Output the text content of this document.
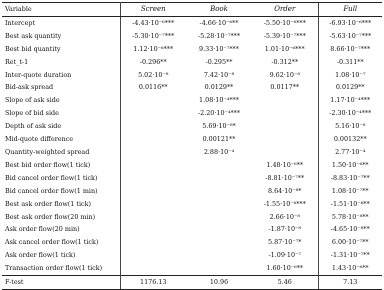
Variable	Screen	Book	Order	Full
Intercept	-4.43·10⁻⁶***	-4.66·10⁻⁶**	-5.50·10⁻⁶***	-6.93·10⁻⁶***
Best ask quantity	-5.30·10⁻⁷***	-5.28·10⁻⁷***	-5.39·10⁻⁷***	-5.63·10⁻⁷***
Best bid quantity	1.12·10⁻⁶***	9.33·10⁻⁷***	1.01·10⁻⁶***	8.66·10⁻⁷***
Ret_t-1	-0.296**	-0.295**	-0.312**	-0.311**
Inter-quote duration	5.02·10⁻⁸	7.42·10⁻⁸	9.62·10⁻⁸	1.08·10⁻⁷
Bid-ask spread	0.0116**	0.0129**	0.0117**	0.0129**
Slope of ask side		1.08·10⁻⁴***		1.17·10⁻⁴***
Slope of bid side		-2.20·10⁻⁴***		-2.30·10⁻⁴***
Depth of ask side		5.69·10⁻⁸*		5.16·10⁻⁸
Mid-quote difference		0.00121**		0.00132**
Quantity-weighted spread		2.88·10⁻⁴		2.77·10⁻⁴
Best bid order flow(1 tick)			1.48·10⁻⁶**	1.50·10⁻⁶**
Bid cancel order flow(1 tick)			-8.81·10⁻⁷**	-8.83·10⁻⁷**
Bid cancel order flow(1 min)			8.64·10⁻⁸*	1.08·10⁻⁷**
Best ask order flow(1 tick)			-1.55·10⁻⁶***	-1.51·10⁻⁶**
Best ask order flow(20 min)			2.66·10⁻⁸	5.78·10⁻⁸**
Ask order flow(20 min)			-1.87·10⁻⁸	-4.65·10⁻⁸**
Ask cancel order flow(1 tick)			5.87·10⁻⁷*	6.00·10⁻⁷**
Ask order flow(1 tick)			-1.09·10⁻⁷	-1.31·10⁻⁷**
Transaction order flow(1 tick)			1.60·10⁻⁶**	1.43·10⁻⁶**
F-test	1176.13	10.96	5.46	7.13
